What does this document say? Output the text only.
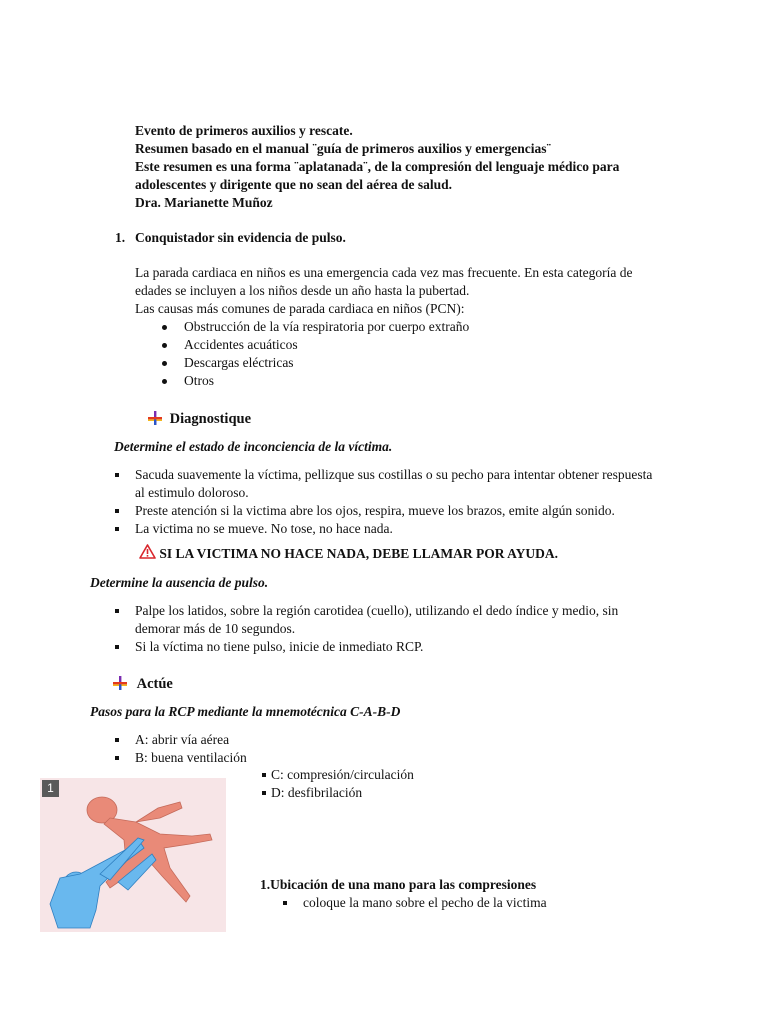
Evento de primeros auxilios y rescate.

Resumen basado en el manual ¨guía de primeros auxilios y emergencias¨

Este resumen es una forma ¨aplatanada¨, de la compresión del lenguaje médico para

adolescentes y dirigente que no sean del aérea de salud.

Dra. Marianette Muñoz

1. Conquistador sin evidencia de pulso.
La parada cardiaca en niños es una emergencia cada vez mas frecuente. En esta categoría de
edades se incluyen a los niños desde un año hasta la pubertad.
Las causas más comunes de parada cardiaca en niños (PCN):
Obstrucción de la vía respiratoria por cuerpo extraño
Accidentes acuáticos
Descargas eléctricas
Otros
Diagnostique
Determine el estado de inconciencia de la víctima.
Sacuda suavemente la víctima, pellizque sus costillas o su pecho para intentar obtener respuesta
al estimulo doloroso.
Preste atención si la victima abre los ojos, respira, mueve los brazos, emite algún sonido.
La victima no se mueve. No tose, no hace nada.
SI LA VICTIMA NO HACE NADA, DEBE LLAMAR POR AYUDA.
Determine la ausencia de pulso.
Palpe los latidos, sobre la región carotidea (cuello), utilizando el dedo índice y medio, sin
demorar más de 10 segundos.
Si la víctima no tiene pulso, inicie de inmediato RCP.
Actúe
Pasos para la RCP mediante la mnemotécnica C-A-B-D
A: abrir vía aérea
B: buena ventilación
C: compresión/circulación
D: desfibrilación
1
1.Ubicación de una mano para las compresiones
coloque la mano sobre el pecho de la victima
